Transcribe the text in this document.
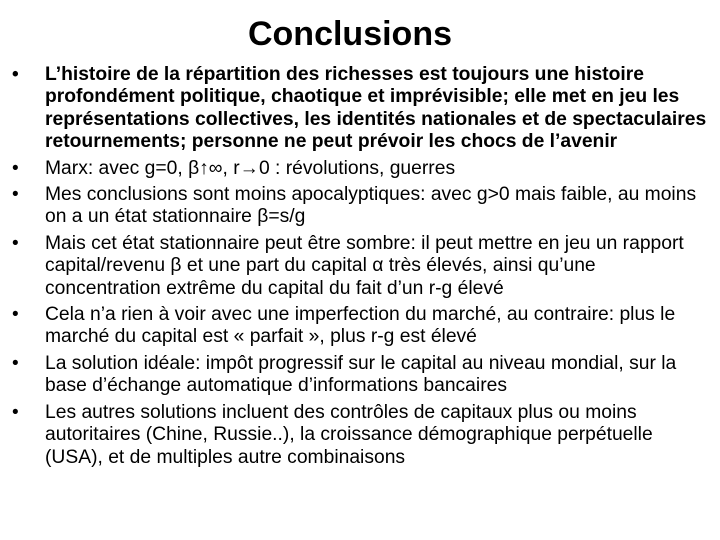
Conclusions
•	L’histoire de la répartition des richesses est toujours une histoire profondément politique, chaotique et imprévisible; elle met en jeu les représentations collectives, les identités nationales et de spectaculaires retournements; personne ne peut prévoir les chocs de l’avenir
•	Marx: avec g=0, β↑∞, r→0 : révolutions, guerres
•	Mes conclusions sont moins apocalyptiques: avec g>0 mais faible, au moins on a un état stationnaire β=s/g
•	Mais cet état stationnaire peut être sombre: il peut mettre en jeu un rapport capital/revenu β et une part du capital α très élevés, ainsi qu’une concentration extrême du capital du fait d’un r-g élevé
•	Cela n’a rien à voir avec une imperfection du marché, au contraire: plus le marché du capital est « parfait », plus r-g est élevé
•	La solution idéale: impôt progressif sur le capital au niveau mondial, sur la base d’échange automatique d’informations bancaires
•	Les autres solutions incluent des contrôles de capitaux plus ou moins autoritaires (Chine, Russie..), la croissance démographique perpétuelle (USA), et de multiples autre combinaisons
